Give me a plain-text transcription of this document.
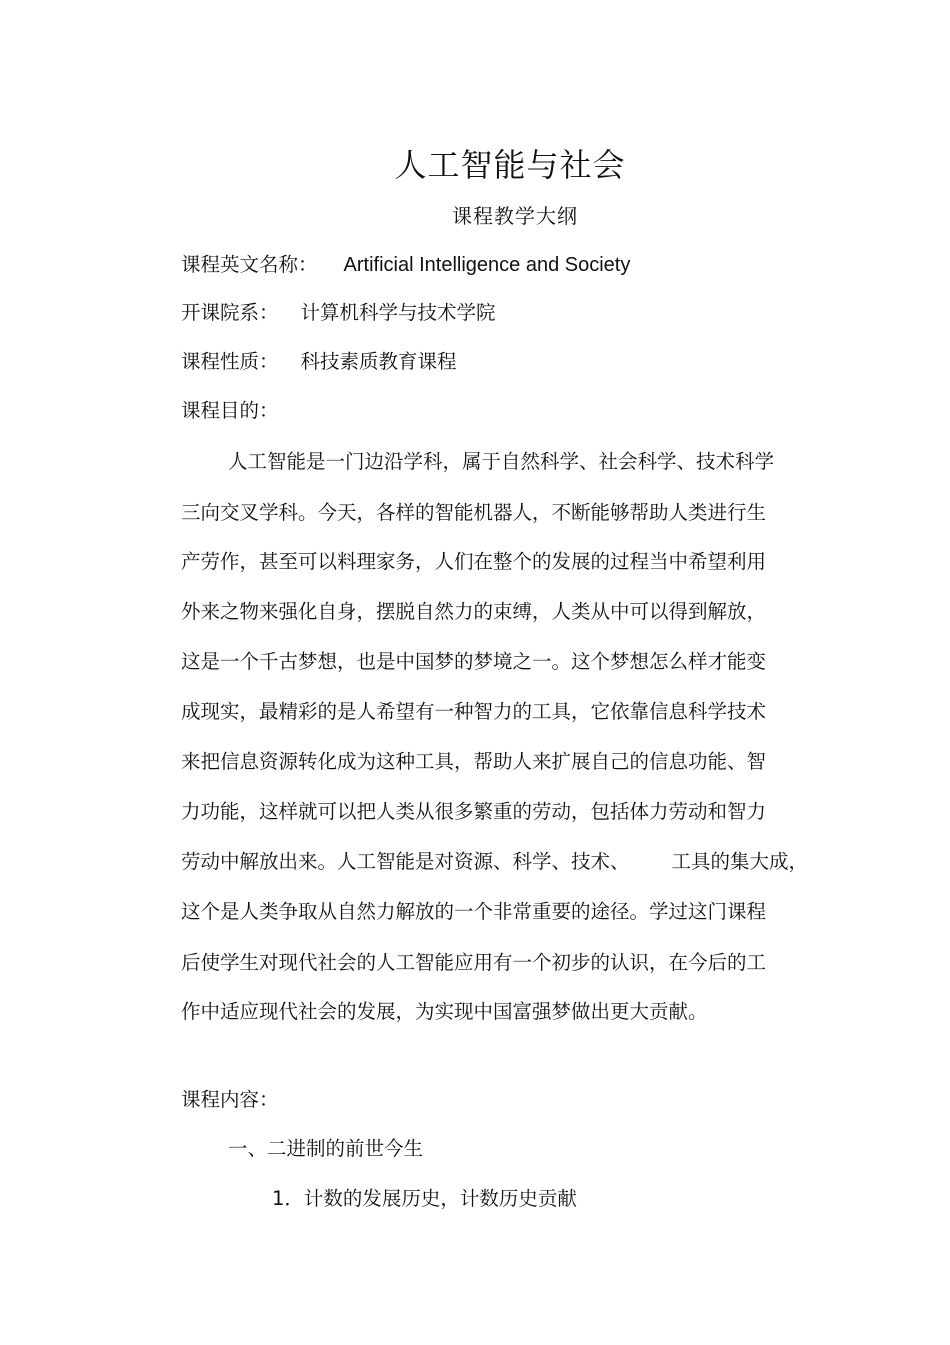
人工智能与社会
课程教学大纲
课程英文名称： Artificial Intelligence and Society
开课院系： 计算机科学与技术学院
课程性质： 科技素质教育课程
课程目的：
人工智能是一门边沿学科，属于自然科学、社会科学、技术科学
三向交叉学科。今天，各样的智能机器人，不断能够帮助人类进行生
产劳作，甚至可以料理家务，人们在整个的发展的过程当中希望利用
外来之物来强化自身，摆脱自然力的束缚，人类从中可以得到解放，
这是一个千古梦想，也是中国梦的梦境之一。这个梦想怎么样才能变
成现实，最精彩的是人希望有一种智力的工具，它依靠信息科学技术
来把信息资源转化成为这种工具，帮助人来扩展自己的信息功能、智
力功能，这样就可以把人类从很多繁重的劳动，包括体力劳动和智力
劳动中解放出来。人工智能是对资源、科学、技术、 工具的集大成，
这个是人类争取从自然力解放的一个非常重要的途径。学过这门课程
后使学生对现代社会的人工智能应用有一个初步的认识，在今后的工
作中适应现代社会的发展，为实现中国富强梦做出更大贡献。
课程内容：
一、二进制的前世今生
1．计数的发展历史，计数历史贡献
